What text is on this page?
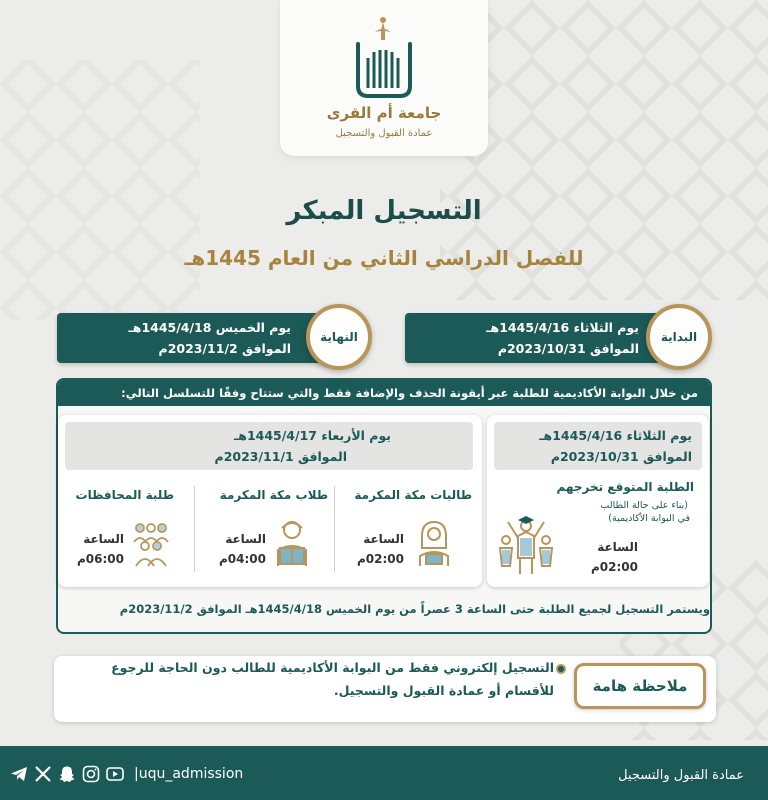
جامعة أم القرى
عمادة القبول والتسجيل
التسجيل المبكر
للفصل الدراسي الثاني من العام 1445هـ
يوم الخميس 1445/4/18هـ
الموافق 2023/11/2م
النهاية
يوم الثلاثاء 1445/4/16هـ
الموافق 2023/10/31م
البداية
من خلال البوابة الأكاديمية للطلبة عبر أيقونة الحذف والإضافة فقط والتي ستتاح وفقًا للتسلسل التالي:
يوم الثلاثاء 1445/4/16هـ
الموافق 2023/10/31م
الطلبة المتوقع تخرجهم
(بناء على حالة الطالب
في البوابة الأكاديمية)
الساعة
02:00م
يوم الأربعاء 1445/4/17هـ
الموافق 2023/11/1م
طالبات مكة المكرمة
الساعة
02:00م
طلاب مكة المكرمة
الساعة
04:00م
طلبة المحافظات
الساعة
06:00م
ويستمر التسجيل لجميع الطلبة حتى الساعة 3 عصراً من يوم الخميس 1445/4/18هـ الموافق 2023/11/2م
ملاحظة هامة
التسجيل إلكتروني فقط من البوابة الأكاديمية للطالب دون الحاجة للرجوع
للأقسام أو عمادة القبول والتسجيل.
عمادة القبول والتسجيل
|uqu_admission
